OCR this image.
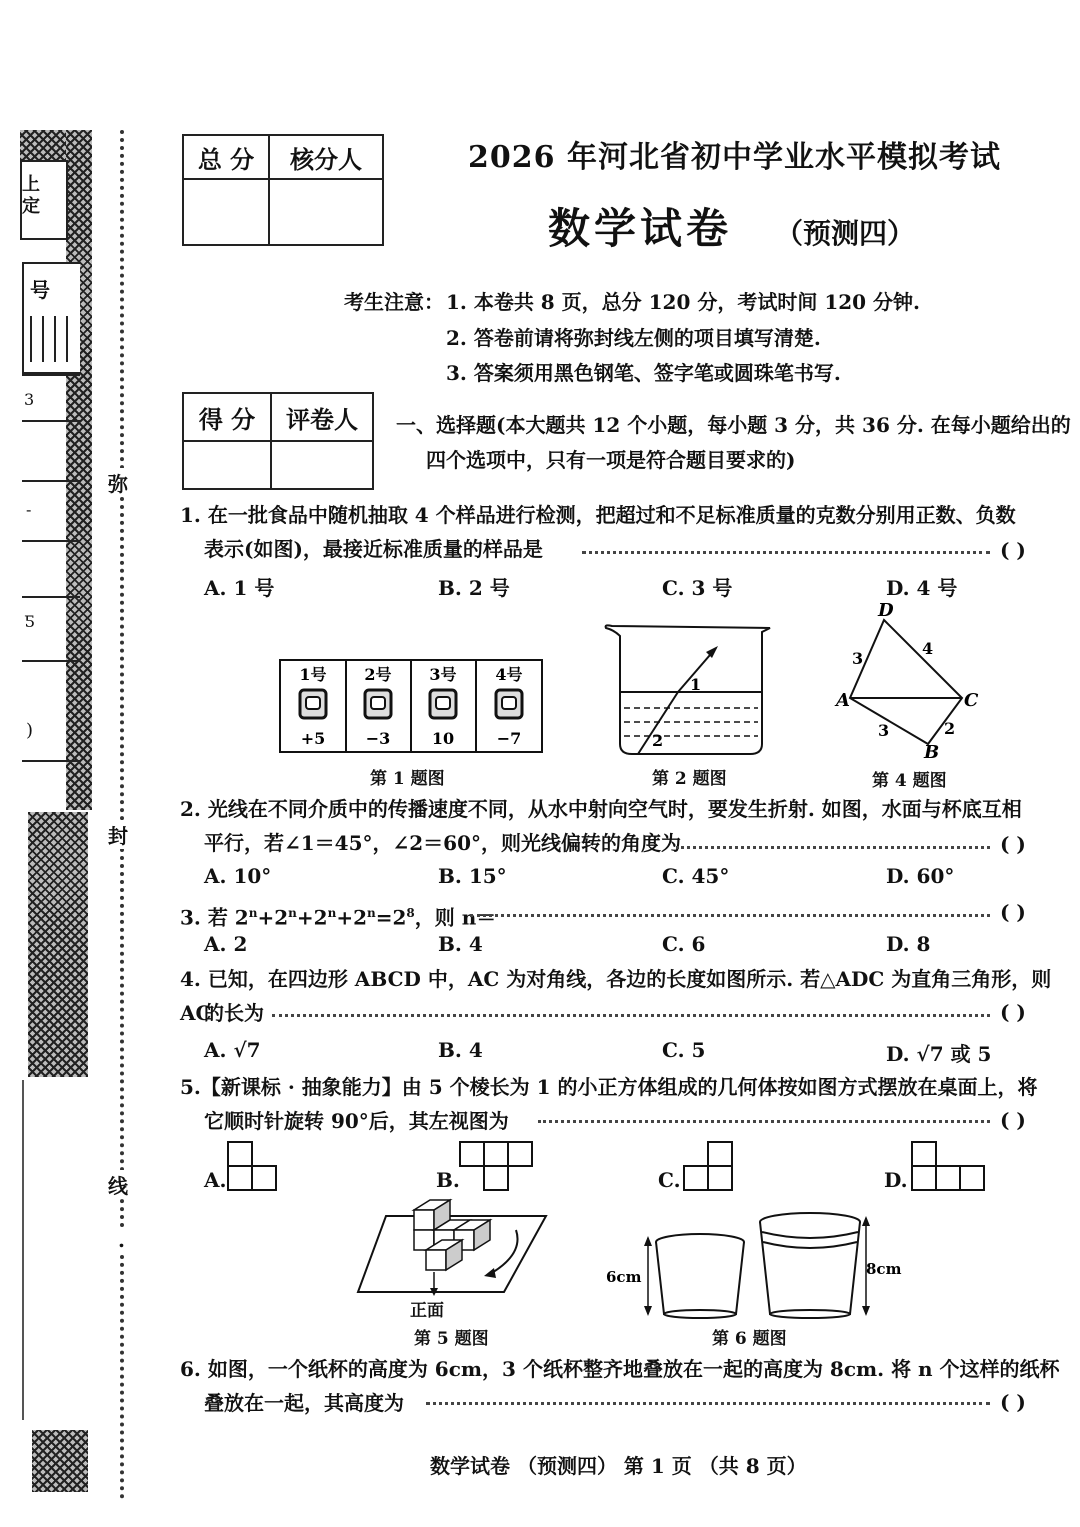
上
定
号
3
-
Ƽ
)
弥
封
线
.
总 分	核分人

得 分	评卷人

2026 年河北省初中学业水平模拟考试
数学试卷 （预测四）
考生注意： 1. 本卷共 8 页，总分 120 分，考试时间 120 分钟.
2. 答卷前请将弥封线左侧的项目填写清楚.
3. 答案须用黑色钢笔、签字笔或圆珠笔书写.
一、选择题(本大题共 12 个小题，每小题 3 分，共 36 分. 在每小题给出的
四个选项中，只有一项是符合题目要求的)
1. 在一批食品中随机抽取 4 个样品进行检测，把超过和不足标准质量的克数分别用正数、负数
表示(如图)，最接近标准质量的样品是	( )
A. 1 号	B. 2 号	C. 3 号	D. 4 号
1号
+5
2号
−3
3号
10
4号
−7
第 1 题图
1
2
第 2 题图
D
A	C
B
3
4
3	2
第 4 题图
2. 光线在不同介质中的传播速度不同，从水中射向空气时，要发生折射. 如图，水面与杯底互相
平行，若∠1＝45°，∠2＝60°，则光线偏转的角度为	( )
A. 10°	B. 15°	C. 45°	D. 60°
3. 若 $2^n+2^n+2^n+2^n=2^8$，则 n＝	( )
A. 2	B. 4	C. 6	D. 8
4. 已知，在四边形 ABCD 中，AC 为对角线，各边的长度如图所示. 若△ADC 为直角三角形，则 AC
的长为	( )
A. √7	B. 4	C. 5	D. √7 或 5
5.【新课标 · 抽象能力】由 5 个棱长为 1 的小正方体组成的几何体按如图方式摆放在桌面上，将
它顺时针旋转 90°后，其左视图为	( )
A.	B.	C.	D.
正面
第 5 题图
6cm	8cm
第 6 题图
6. 如图，一个纸杯的高度为 6cm，3 个纸杯整齐地叠放在一起的高度为 8cm. 将 n 个这样的纸杯
叠放在一起，其高度为	( )
数学试卷 （预测四） 第 1 页 （共 8 页）
